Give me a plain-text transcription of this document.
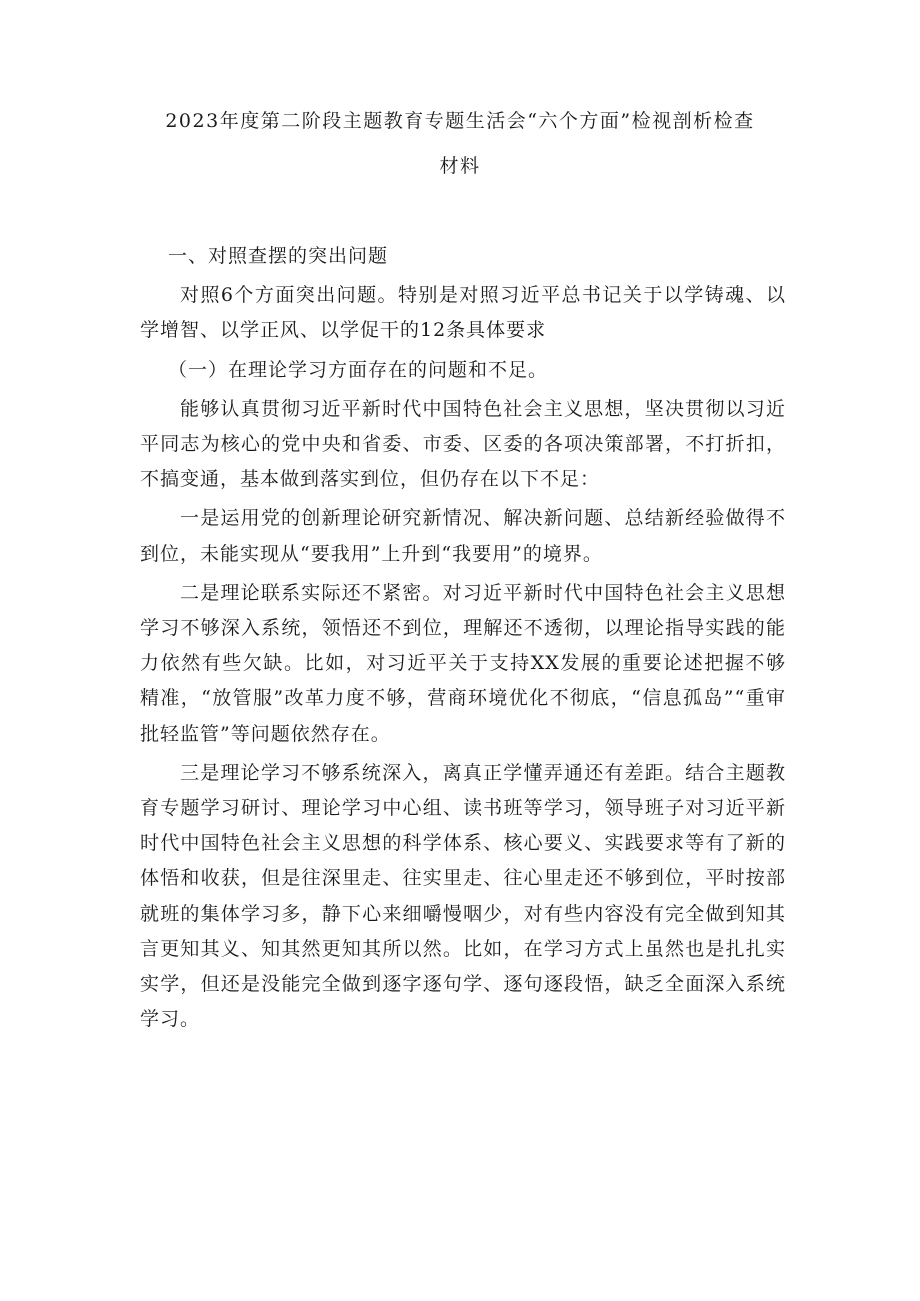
2023年度第二阶段主题教育专题生活会“六个方面”检视剖析检查
材料

一、对照查摆的突出问题

对照6个方面突出问题。特别是对照习近平总书记关于以学铸魂、以学增智、以学正风、以学促干的12条具体要求

（一）在理论学习方面存在的问题和不足。

能够认真贯彻习近平新时代中国特色社会主义思想，坚决贯彻以习近平同志为核心的党中央和省委、市委、区委的各项决策部署，不打折扣，不搞变通，基本做到落实到位，但仍存在以下不足：

一是运用党的创新理论研究新情况、解决新问题、总结新经验做得不到位，未能实现从“要我用”上升到“我要用”的境界。

二是理论联系实际还不紧密。对习近平新时代中国特色社会主义思想学习不够深入系统，领悟还不到位，理解还不透彻，以理论指导实践的能力依然有些欠缺。比如，对习近平关于支持XX发展的重要论述把握不够精准，“放管服”改革力度不够，营商环境优化不彻底，“信息孤岛”“重审批轻监管”等问题依然存在。

三是理论学习不够系统深入，离真正学懂弄通还有差距。结合主题教育专题学习研讨、理论学习中心组、读书班等学习，领导班子对习近平新时代中国特色社会主义思想的科学体系、核心要义、实践要求等有了新的体悟和收获，但是往深里走、往实里走、往心里走还不够到位，平时按部就班的集体学习多，静下心来细嚼慢咽少，对有些内容没有完全做到知其言更知其义、知其然更知其所以然。比如，在学习方式上虽然也是扎扎实实学，但还是没能完全做到逐字逐句学、逐句逐段悟，缺乏全面深入系统学习。
